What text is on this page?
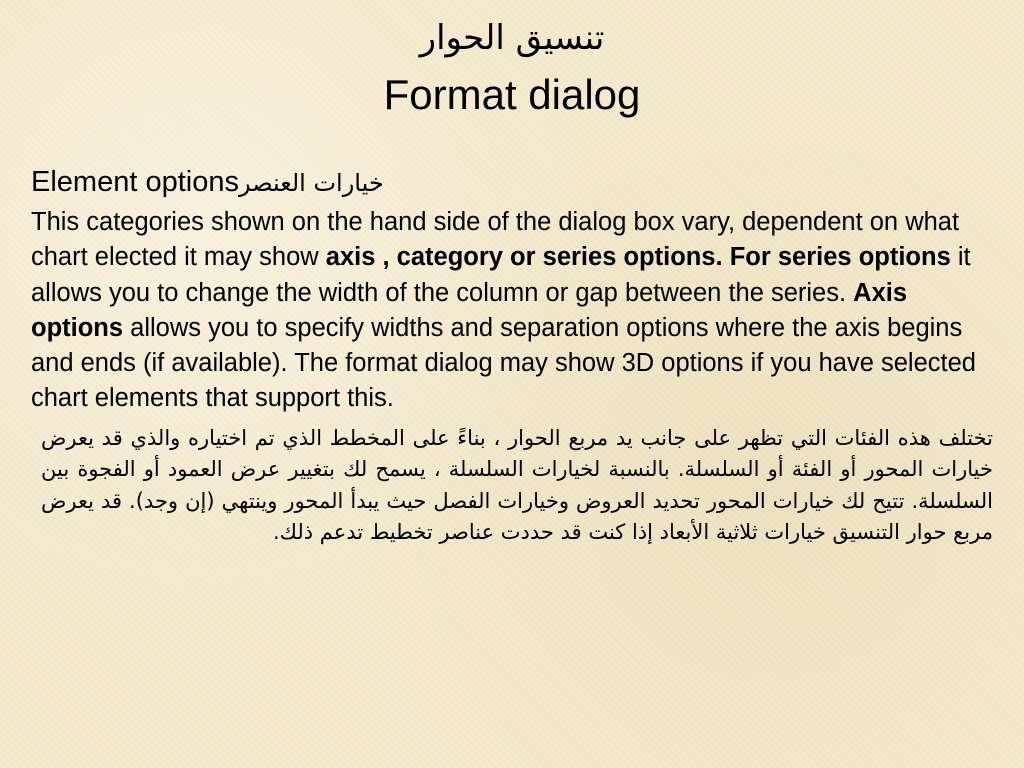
تنسيق الحوار
Format dialog
Element optionsخيارات العنصر

This categories shown on the hand side of the dialog box vary, dependent on what chart elected it may show axis , category or series options. For series options it allows you to change the width of the column or gap between the series. Axis options allows you to specify widths and separation options where the axis begins and ends (if available). The format dialog may show 3D options if you have selected chart elements that support this.

تختلف هذه الفئات التي تظهر على جانب يد مربع الحوار ، بناءً على المخطط الذي تم اختياره والذي قد يعرض خيارات المحور أو الفئة أو السلسلة. بالنسبة لخيارات السلسلة ، يسمح لك بتغيير عرض العمود أو الفجوة بين السلسلة. تتيح لك خيارات المحور تحديد العروض وخيارات الفصل حيث يبدأ المحور وينتهي (إن وجد). قد يعرض مربع حوار التنسيق خيارات ثلاثية الأبعاد إذا كنت قد حددت عناصر تخطيط تدعم ذلك.
